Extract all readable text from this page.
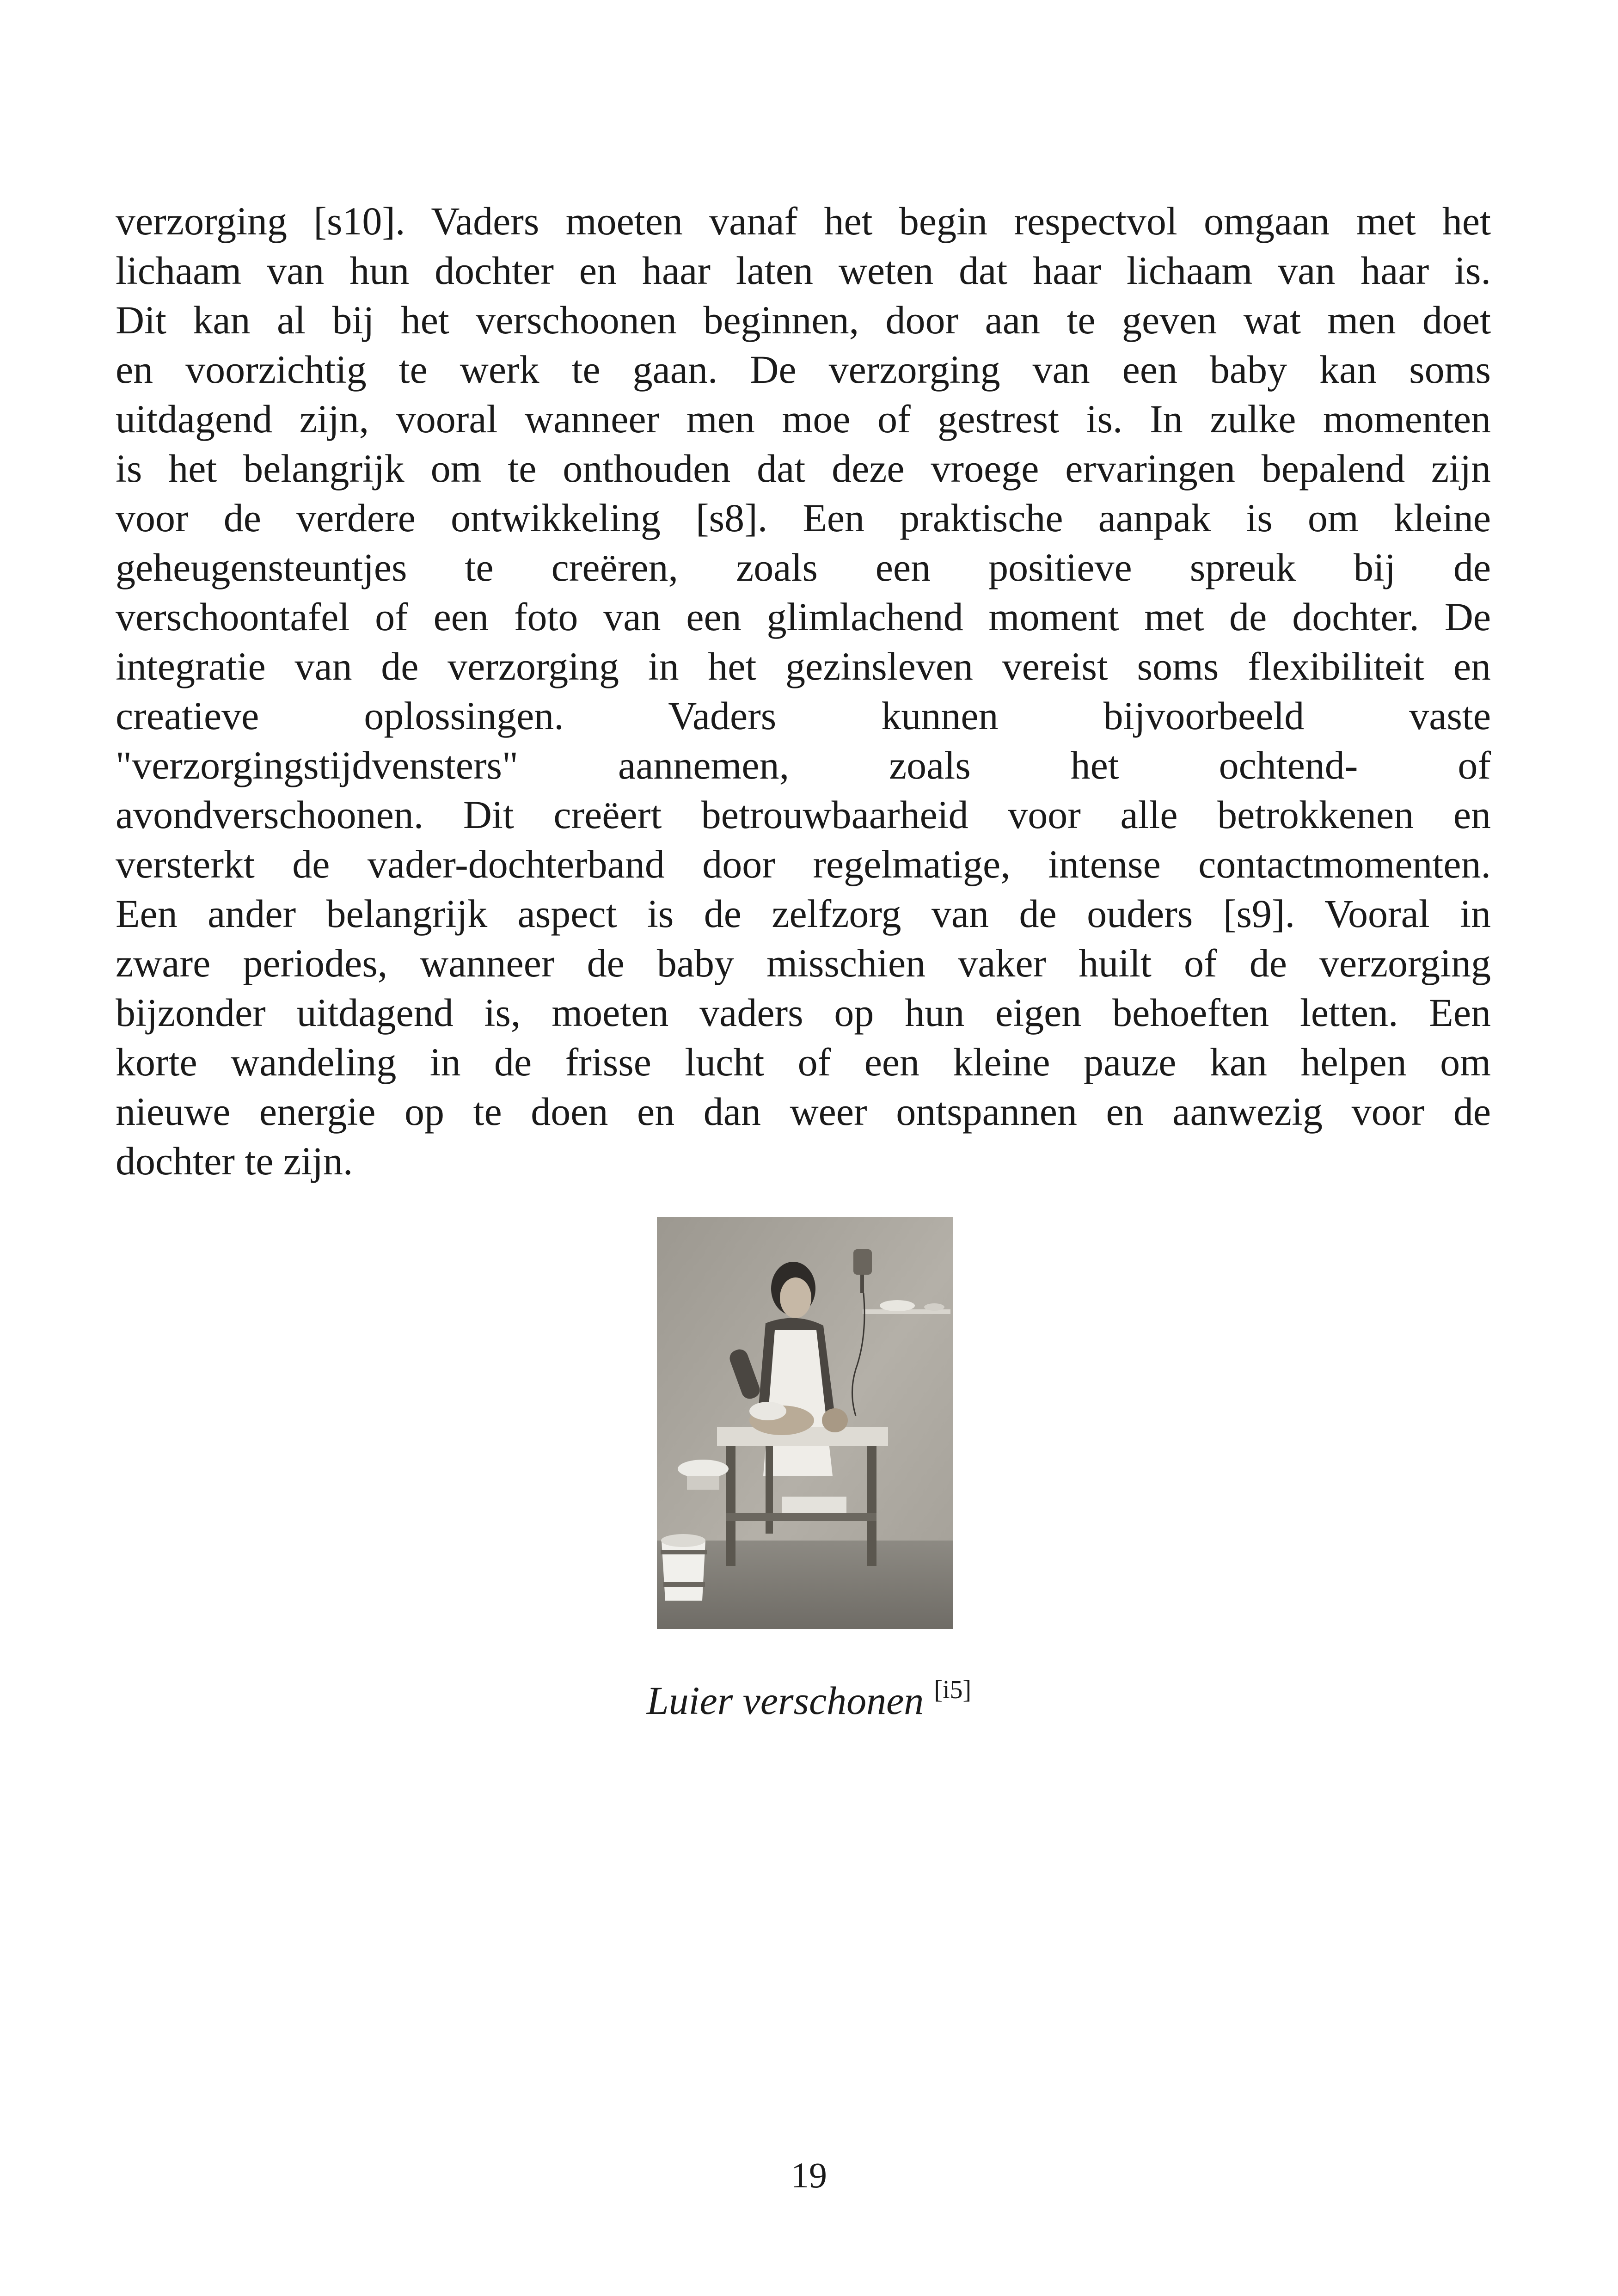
verzorging [s10]. Vaders moeten vanaf het begin respectvol omgaan met het
lichaam van hun dochter en haar laten weten dat haar lichaam van haar is.
Dit kan al bij het verschoonen beginnen, door aan te geven wat men doet
en voorzichtig te werk te gaan. De verzorging van een baby kan soms
uitdagend zijn, vooral wanneer men moe of gestrest is. In zulke momenten
is het belangrijk om te onthouden dat deze vroege ervaringen bepalend zijn
voor de verdere ontwikkeling [s8]. Een praktische aanpak is om kleine
geheugensteuntjes te creëren, zoals een positieve spreuk bij de
verschoontafel of een foto van een glimlachend moment met de dochter. De
integratie van de verzorging in het gezinsleven vereist soms flexibiliteit en
creatieve oplossingen. Vaders kunnen bijvoorbeeld vaste
"verzorgingstijdvensters" aannemen, zoals het ochtend- of
avondverschoonen. Dit creëert betrouwbaarheid voor alle betrokkenen en
versterkt de vader-dochterband door regelmatige, intense contactmomenten.
Een ander belangrijk aspect is de zelfzorg van de ouders [s9]. Vooral in
zware periodes, wanneer de baby misschien vaker huilt of de verzorging
bijzonder uitdagend is, moeten vaders op hun eigen behoeften letten. Een
korte wandeling in de frisse lucht of een kleine pauze kan helpen om
nieuwe energie op te doen en dan weer ontspannen en aanwezig voor de
dochter te zijn.
Luier verschonen [i5]
19
